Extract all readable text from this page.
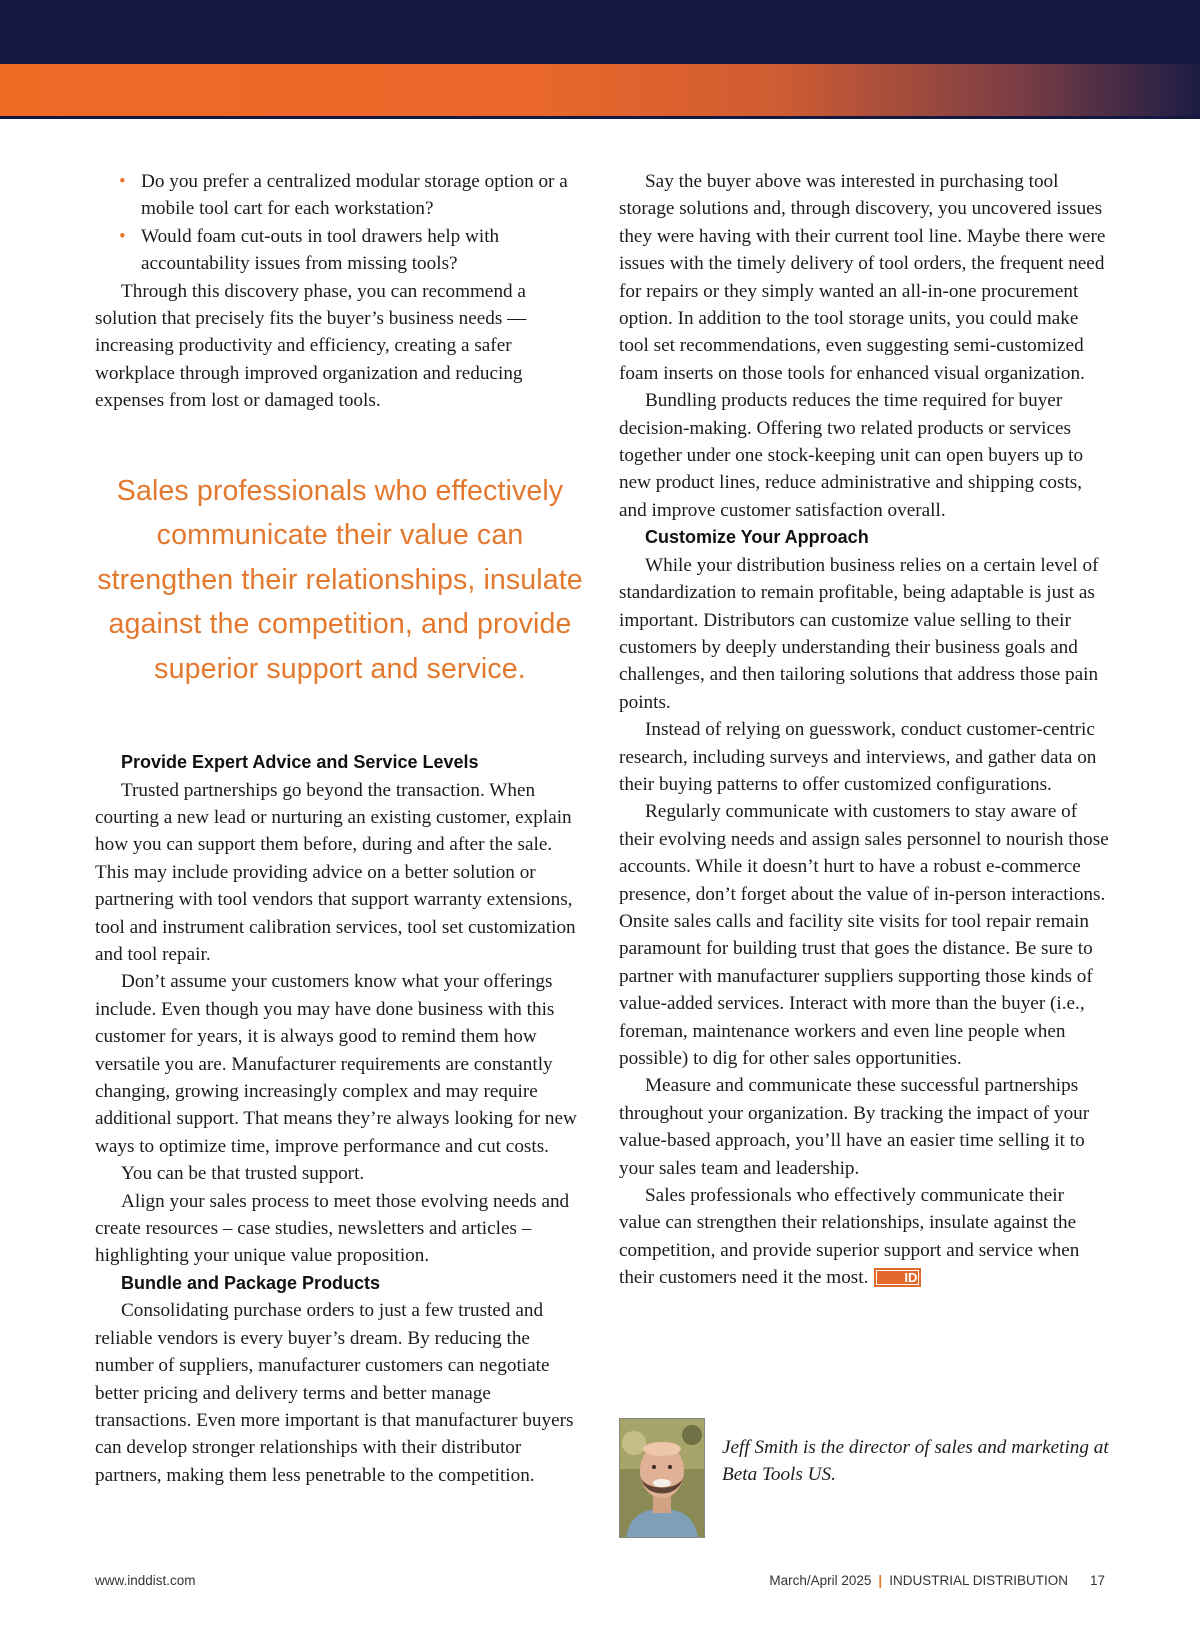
• Do you prefer a centralized modular storage option or a mobile tool cart for each workstation?
• Would foam cut-outs in tool drawers help with accountability issues from missing tools?

Through this discovery phase, you can recommend a solution that precisely fits the buyer’s business needs — increasing productivity and efficiency, creating a safer workplace through improved organization and reducing expenses from lost or damaged tools.

Sales professionals who effectively communicate their value can strengthen their relationships, insulate against the competition, and provide superior support and service.
Provide Expert Advice and Service Levels

Trusted partnerships go beyond the transaction. When courting a new lead or nurturing an existing customer, explain how you can support them before, during and after the sale. This may include providing advice on a better solution or partnering with tool vendors that support warranty extensions, tool and instrument calibration services, tool set customization and tool repair.

Don’t assume your customers know what your offerings include. Even though you may have done business with this customer for years, it is always good to remind them how versatile you are. Manufacturer requirements are constantly changing, growing increasingly complex and may require additional support. That means they’re always looking for new ways to optimize time, improve performance and cut costs.

You can be that trusted support.

Align your sales process to meet those evolving needs and create resources – case studies, newsletters and articles – highlighting your unique value proposition.

Bundle and Package Products

Consolidating purchase orders to just a few trusted and reliable vendors is every buyer’s dream. By reducing the number of suppliers, manufacturer customers can negotiate better pricing and delivery terms and better manage transactions. Even more important is that manufacturer buyers can develop stronger relationships with their distributor partners, making them less penetrable to the competition.

Say the buyer above was interested in purchasing tool storage solutions and, through discovery, you uncovered issues they were having with their current tool line. Maybe there were issues with the timely delivery of tool orders, the frequent need for repairs or they simply wanted an all-in-one procurement option. In addition to the tool storage units, you could make tool set recommendations, even suggesting semi-customized foam inserts on those tools for enhanced visual organization.

Bundling products reduces the time required for buyer decision-making. Offering two related products or services together under one stock-keeping unit can open buyers up to new product lines, reduce administrative and shipping costs, and improve customer satisfaction overall.

Customize Your Approach

While your distribution business relies on a certain level of standardization to remain profitable, being adaptable is just as important. Distributors can customize value selling to their customers by deeply understanding their business goals and challenges, and then tailoring solutions that address those pain points.

Instead of relying on guesswork, conduct customer-centric research, including surveys and interviews, and gather data on their buying patterns to offer customized configurations.

Regularly communicate with customers to stay aware of their evolving needs and assign sales personnel to nourish those accounts. While it doesn’t hurt to have a robust e-commerce presence, don’t forget about the value of in-person interactions. Onsite sales calls and facility site visits for tool repair remain paramount for building trust that goes the distance. Be sure to partner with manufacturer suppliers supporting those kinds of value-added services. Interact with more than the buyer (i.e., foreman, maintenance workers and even line people when possible) to dig for other sales opportunities.

Measure and communicate these successful partnerships throughout your organization. By tracking the impact of your value-based approach, you’ll have an easier time selling it to your sales team and leadership.

Sales professionals who effectively communicate their value can strengthen their relationships, insulate against the competition, and provide superior support and service when their customers need it the most.	ID

Jeff Smith is the director of sales and marketing at Beta Tools US.
www.inddist.com	March/April 2025 | INDUSTRIAL DISTRIBUTION 17
